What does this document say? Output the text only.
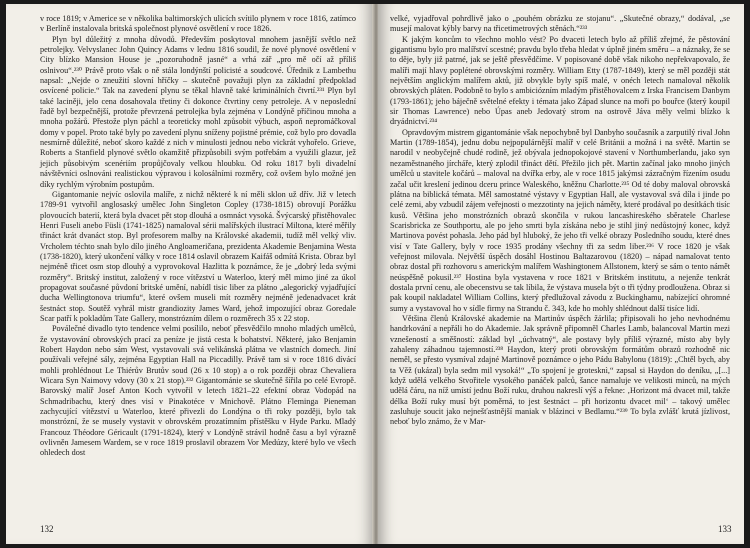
v roce 1819; v Americe se v několika baltimorských ulicích svítilo plynem v roce 1816, zatímco v Berlíně instalovala britská společnost plynové osvětlení v roce 1826.

Plyn byl důležitý z mnoha důvodů. Především poskytoval mnohem jasnější světlo než petrolejky. Velvyslanec John Quincy Adams v lednu 1816 soudil, že nové plynové osvětlení v City blízko Mansion House je „pozoruhodně jasné“ a vrhá zář „pro mě očí až příliš oslnivou“.²³⁰ Právě proto však o ně stála londýnští policisté a soudcové. Úřednik z Lambethu napsal: „Nejde o zneužití slovní hříčky – skutečně považuji plyn za základní předpoklad osvícené policie.“ Tak na zavedení plynu se těkal hlavně také kriminálních čtvrtí.²³¹ Plyn byl také laciněji, jelo cena dosahovala třetiny či dokonce čtvrtiny ceny petroleje. A v neposlední řadě byl bezpečnější, protože převrzená petrolejka byla zejména v Londýně příčinou mnoha a mnoha požárů. Přestože plyn páchl a teoreticky mohl způsobit výbuch, aspoň nepromáčkoval domy v popel. Proto také byly po zavedení plynu sníženy pojistné prémie, což bylo pro dovadla nesmírně důležité, neboť skoro každé z nich v minulosti jednou nebo vickrát vyhořelo. Grieve, Roberts a Stanfield plynové světlo okamžitě přizpůsobili svým potřebám a využili glazur, jež jejich působivým scenériím propůjčovaly velkou hloubku. Od roku 1817 byli divadelní návštěvníci oslnováni realistickou výpravou i kolosálními rozměry, což ovšem bylo možné jen díky rychlým výrobním postupům.

Gigantomanie nejvíc oslovila malíře, z nichž některé k ní měli sklon už dřív. Již v letech 1789-91 vytvořil anglosaský umělec John Singleton Copley (1738-1815) obrovují Porážku plovoucích baterií, která byla dvacet pět stop dlouhá a osmnáct vysoká. Švýcarský přistěhovalec Henri Fuseli anebo Füsli (1741-1825) namaloval sérii malířských ilustrací Miltona, které měřily třináct krát dvanáct stop. Byl profesorem malby na Královské akademii, tudíž měl velký vliv. Vrcholem téchto snah bylo dílo jiného Angloameričana, prezidenta Akademie Benjamina Westa (1738-1820), který ukončení války v roce 1814 oslavil obrazem Kaifáš odmítá Krista. Obraz byl nejméně třicet osm stop dlouhý a vyprovokoval Hazlitta k poznámce, že je „dobrý leda svými rozměry“. Britský institut, založený v roce vítězství u Waterloo, který měl mimo jiné za úkol propagovat současné půvdoní britské umění, nabídl tisic liber za plátno „alegorický vyjadřující ducha Wellingtonova triumfu“, které ovšem museli mít rozměry nejméně jedenadvacet krát šestnáct stop. Soutěž vyhrál mistr grandiozity James Ward, jehož impozující obraz Goredale Scar patří k pokladům Tate Gallery, monstrózním dílem o rozměrech 35 x 22 stop.

Poválečné divadlo tyto tendence velmi posílilo, neboť přesvědčilo mnoho mladých umělců, že vystavování obrovských prací za peníze je jistá cesta k bohatství. Některé, jako Benjamin Robert Haydon nebo sám West, vystavovali svá velikánská plátna ve vlastních domech. Jiní používali veřejné sály, zejména Egyptian Hall na Piccadilly. Právě tam si v roce 1816 dívácí mohli prohlédnout Le Thiérův Brutův soud (26 x 10 stop) a o rok později obraz Chevaliera Wicara Syn Naimovy vdovy (30 x 21 stop).²³² Gigantománie se skutečně šířila po celé Evropě. Barovský malíř Josef Anton Koch vytvořil v letech 1821–22 efektní obraz Vodopád na Schmadribachu, který dnes visí v Pinakotéce v Mnichově. Plátno Fleminga Pieneman zachycující vítězství u Waterloo, které přivezli do Londýna o tři roky později, bylo tak monstrózní, že se musely vystavit v obrovském prozatímním přístěšku v Hyde Parku. Mladý Francouz Théodore Géricault (1791-1824), který v Londýně strávil hodně času a byl výrazně ovlivněn Jamesem Wardem, se v roce 1819 proslavil obrazem Vor Medúzy, které bylo ve všech ohledech dost

132

velké, vyjadřoval pohrdlivě jako o „pouhém obrázku ze stojanu“. „Skutečné obrazy,“ dodával, „se musejí malovat kýbly barvy na třicetimetrových stěnách.“²³³

K jakým koncům to všechno mohlo vést? Po dvaceti letech bylo až příliš zřejmé, že pěstování gigantismu bylo pro malířství scestné; pravdu bylo třeba hledat v úplně jiném směru – a náznaky, že se to děje, byly již patrné, jak se ještě přesvědčíme. V popisované době však nikoho nepřekvapovalo, že malíři mají hlavy poplétené obrovskými rozměry. William Etty (1787-1849), který se měl později stát největším anglickým malířem aktů, již obvykle byly spíš malé, v onéch letech namaloval několik obrovských pláten. Podobně to bylo s ambiciózním mladým přistěhovalcem z Irska Francisem Danbym (1793-1861); jeho báječně světelné efekty i témata jako Západ slunce na moři po bouřce (který koupil sir Thomas Lawrence) nebo Úpas aneb Jedovatý strom na ostrově Jáva měly velmi blízko k dryádnictví.²³⁴

Opravdovým mistrem gigantománie však nepochybně byl Danbyho současník a zarputilý rival John Martin (1789-1854), jednu dobu nejpopulárnější malíř v celé Británii a možná i na světě. Martin se narodil v neobyčejně chudé rodině, jež obývala jednopokojové stavení v Northumberlandu, jako syn nezaměstnaného jírcháře, který zplodil třináct dětí. Přežilo jich pět. Martin začínal jako mnoho jiných umělců u stavitele kočárů – maloval na dvířka erby, ale v roce 1815 jakýmsi zázračným řízením osudu začal učit kreslení jedinou dceru prince Waleského, kněžnu Charlotte.²³⁵ Od té doby maloval obrovská plátna na biblická témata. Měl samostatné výstavy v Egyptian Hall, ale vystavoval svá díla i jinde po celé zemi, aby vzbudil zájem veřejnosti o mezzotinty na jejich náměty, které prodával po desítkách tisíc kusů. Většina jeho monstrózních obrazů skončila v rukou lancashireského sběratele Charlese Scarisbricka ze Southportu, ale po jeho smrti byla získána nebo je stihl jiný nedůstojný konec, když Martinova povést pohasla. Jeho pád byl hluboký, že jeho tři velké obrazy Posledního soudu, které dnes visí v Tate Gallery, byly v roce 1935 prodány všechny tři za sedm liber.²³⁶ V roce 1820 je však veřejnost milovala. Největší úspěch dosáhl Hostinou Baltazarovou (1820) – nápad namalovat tento obraz dostal při rozhovoru s americkým malířem Washingtonem Allstonem, který se sám o tento námět neúspěšně pokusil.²³⁷ Hostina byla vystavena v roce 1821 v Britském institutu, a nejenže tenkrát dostala první cenu, ale obecenstvu se tak líbila, že výstava musela být o tři týdny prodloužena. Obraz si pak koupil nakladatel William Collins, který předlužoval závodu z Buckinghamu, nabízející ohromné sumy a vystavoval ho v sídle firmy na Strandu č. 343, kde ho mohly shlédnout další tisíce lidí.

Většina členů Královské akademie na Martinův úspěch žárlila; připisovali ho jeho nevhodnému handrkování a nepřáli ho do Akademie. Jak správně připomněl Charles Lamb, balancoval Martin mezi vznešeností a směšností: základ byl „úchvatný“, ale postavy byly příliš výrazné, místo aby byly zahaleny záhadnou tajemností.²³⁸ Haydon, který proti obrovským formátům obrazů rozhodně nic neměl, se přesto vysmíval zdajné Martinově poznámce o jeho Pádu Babylonu (1819): „Chtěl bych, aby ta Věž (ukázal) byla sedm mil vysoká!“ „To spojení je grotesknì,“ zapsal si Haydon do deníku, „[...] když udělá velkého Stvořitele vysokého panáček palců, šance namaluje ve velikosti minců, na mých udělá čáru, na níž umístí jednu Boží ruku, druhou nakreslí výš a řekne: ‚Horizont má dvacet mil, takže délka Boží ruky musí být poměrná, to jest šestnáct – při horizontu dvacet mil‘ – takový umělec zasluhuje soucit jako nejnešťastnější maniak v blázinci v Bedlamu.“²³⁹ To byla zvlášť krutá jízlivost, neboť bylo známo, že v Mar-

133
